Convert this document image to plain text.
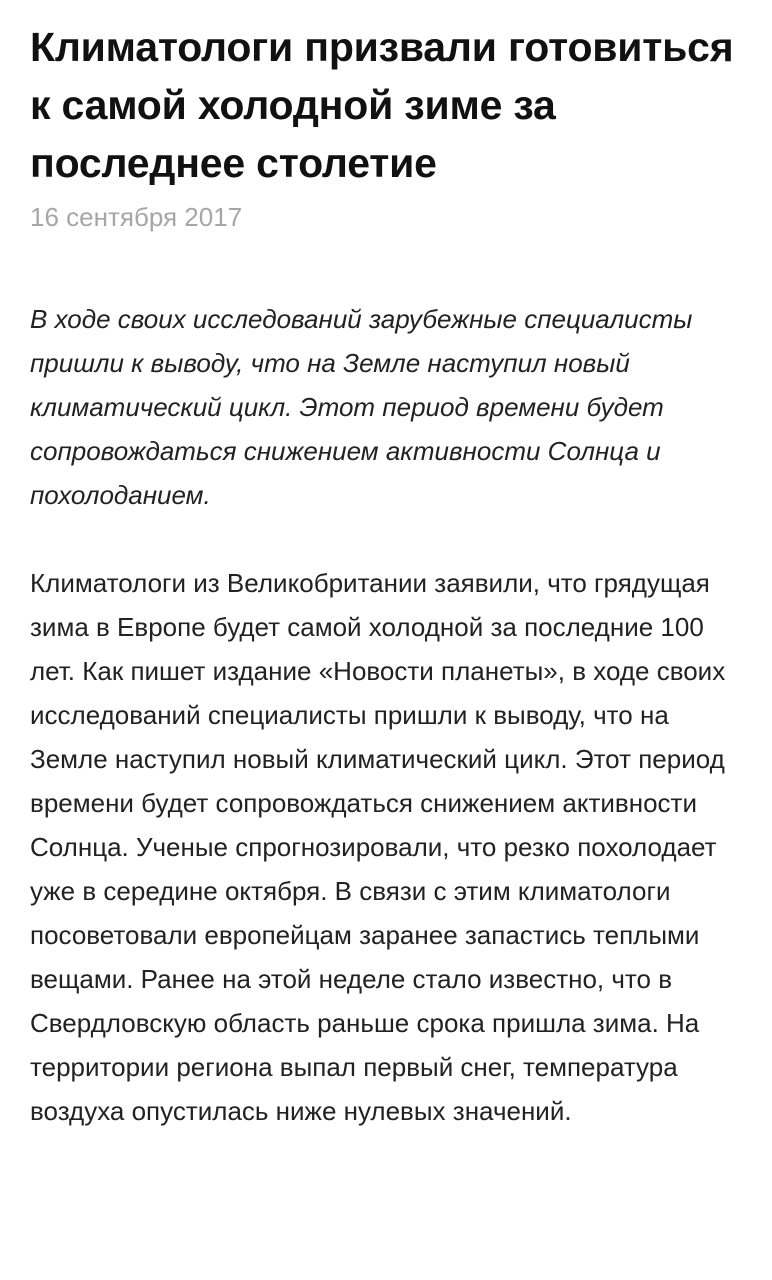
Климатологи призвали готовиться к самой холодной зиме за последнее столетие
16 сентября 2017

В ходе своих исследований зарубежные специалисты пришли к выводу, что на Земле наступил новый климатический цикл. Этот период времени будет сопровождаться снижением активности Солнца и похолоданием.

Климатологи из Великобритании заявили, что грядущая зима в Европе будет самой холодной за последние 100 лет. Как пишет издание «Новости планеты», в ходе своих исследований специалисты пришли к выводу, что на Земле наступил новый климатический цикл. Этот период времени будет сопровождаться снижением активности Солнца. Ученые спрогнозировали, что резко похолодает уже в середине октября. В связи с этим климатологи посоветовали европейцам заранее запастись теплыми вещами. Ранее на этой неделе стало известно, что в Свердловскую область раньше срока пришла зима. На территории региона выпал первый снег, температура воздуха опустилась ниже нулевых значений.
